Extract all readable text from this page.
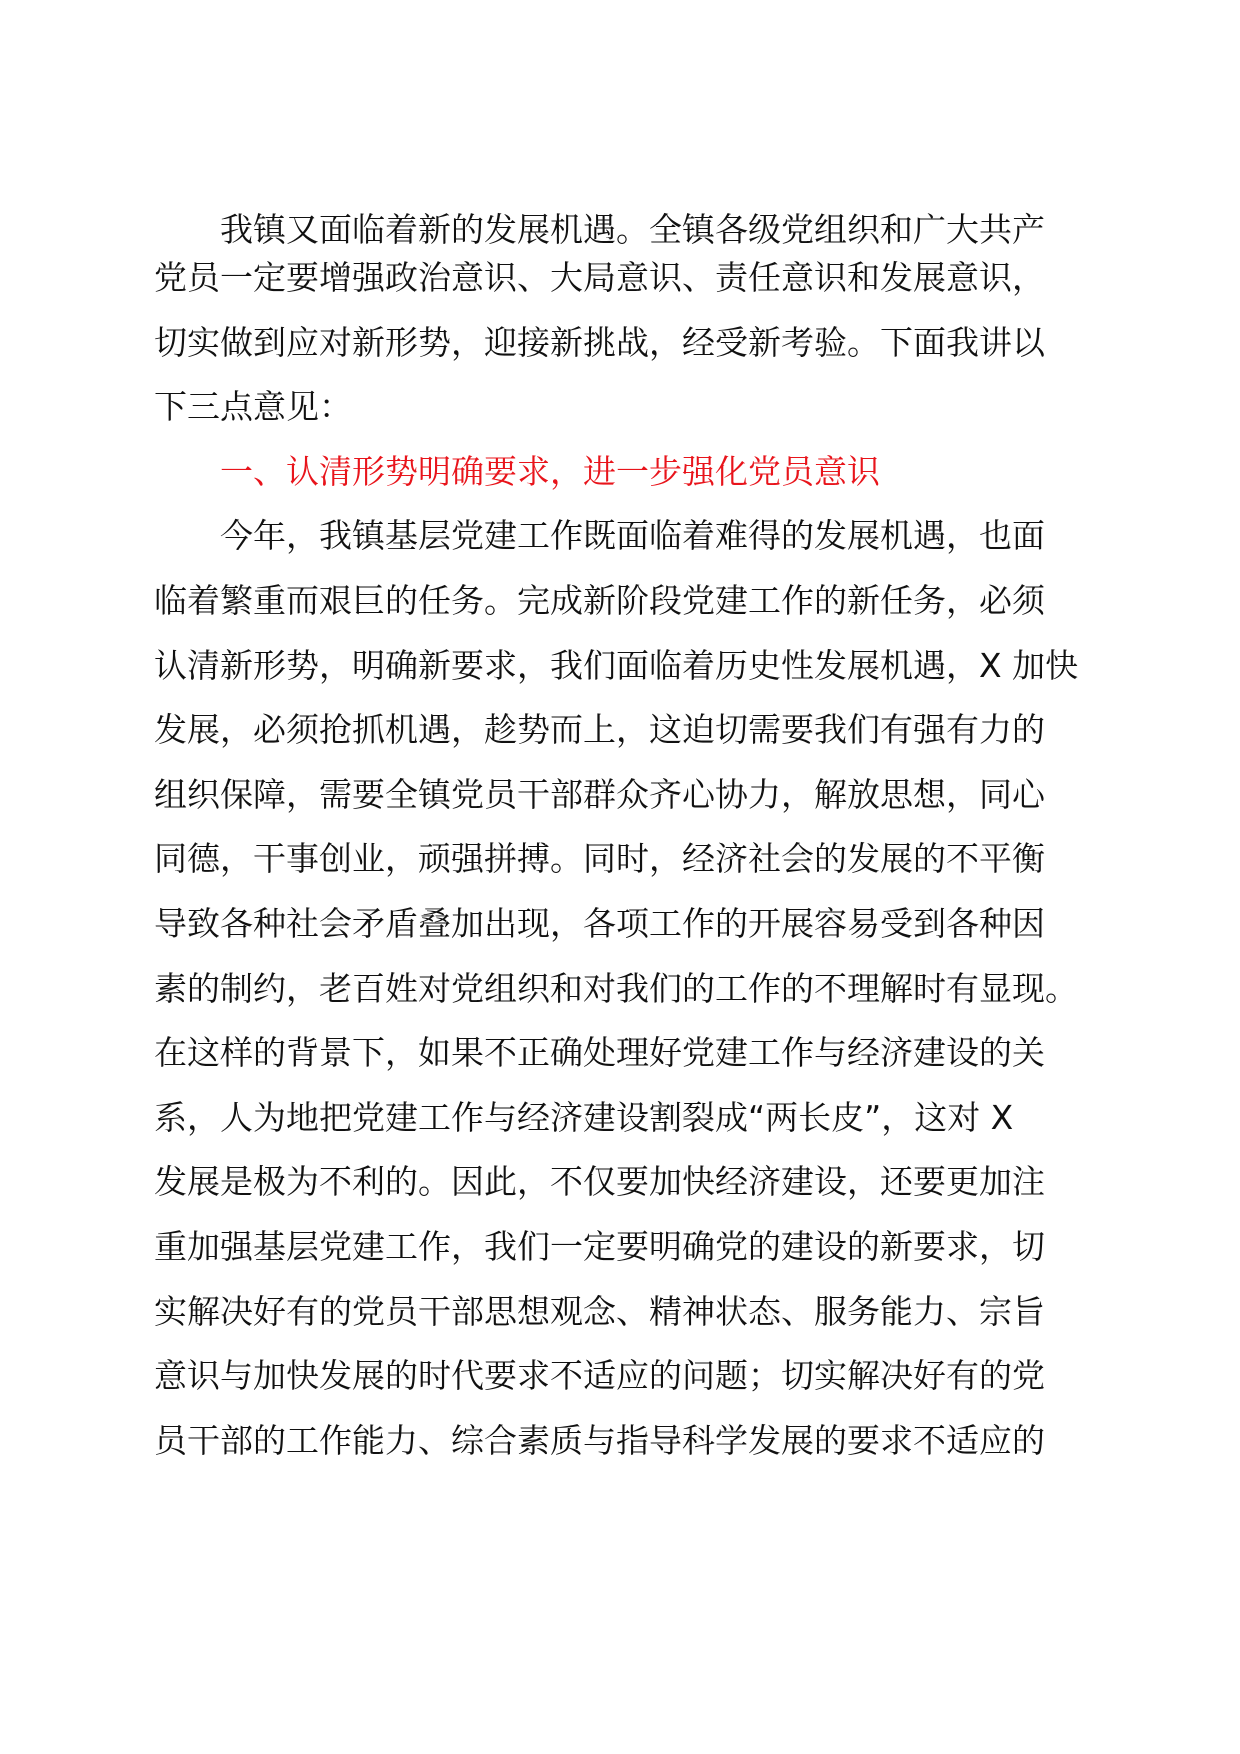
我镇又面临着新的发展机遇。全镇各级党组织和广大共产
党员一定要增强政治意识、大局意识、责任意识和发展意识，
切实做到应对新形势，迎接新挑战，经受新考验。下面我讲以
下三点意见：
一、认清形势明确要求，进一步强化党员意识
今年，我镇基层党建工作既面临着难得的发展机遇，也面
临着繁重而艰巨的任务。完成新阶段党建工作的新任务，必须
认清新形势，明确新要求，我们面临着历史性发展机遇，X 加快
发展，必须抢抓机遇，趁势而上，这迫切需要我们有强有力的
组织保障，需要全镇党员干部群众齐心协力，解放思想，同心
同德，干事创业，顽强拼搏。同时，经济社会的发展的不平衡
导致各种社会矛盾叠加出现，各项工作的开展容易受到各种因
素的制约，老百姓对党组织和对我们的工作的不理解时有显现。
在这样的背景下，如果不正确处理好党建工作与经济建设的关
系，人为地把党建工作与经济建设割裂成“两长皮”，这对 X
发展是极为不利的。因此，不仅要加快经济建设，还要更加注
重加强基层党建工作，我们一定要明确党的建设的新要求，切
实解决好有的党员干部思想观念、精神状态、服务能力、宗旨
意识与加快发展的时代要求不适应的问题；切实解决好有的党
员干部的工作能力、综合素质与指导科学发展的要求不适应的
